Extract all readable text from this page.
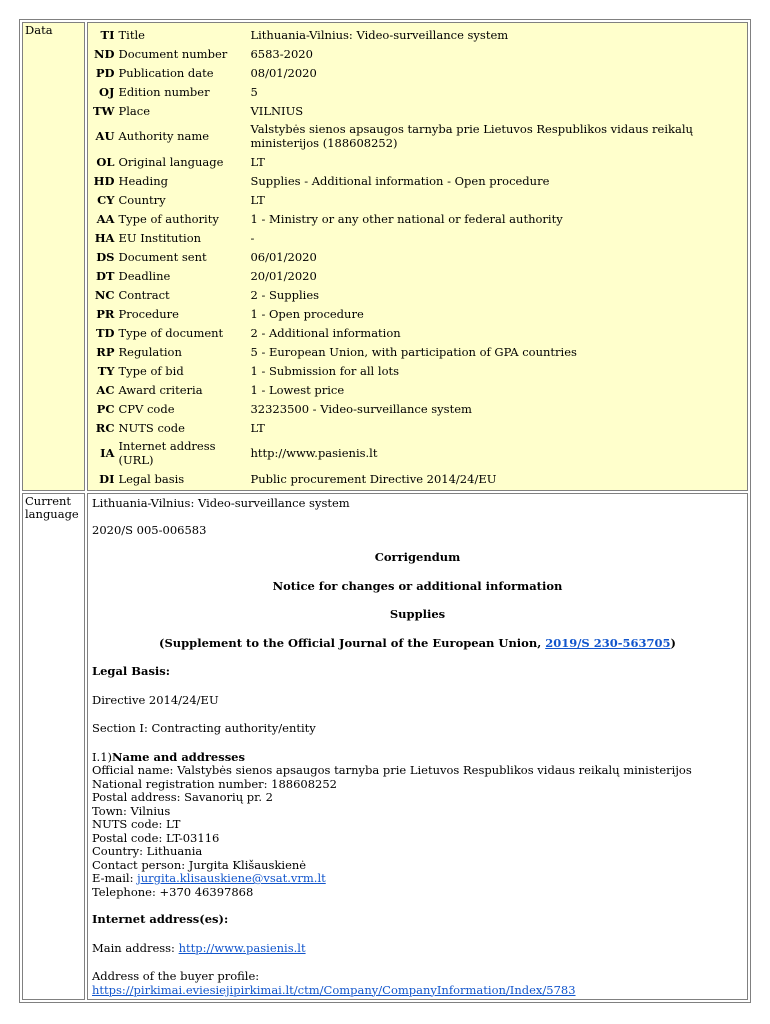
Data		TI	Title	Lithuania-Vilnius: Video-surveillance system
ND	Document number	6583-2020
PD	Publication date	08/01/2020
OJ	Edition number	5
TW	Place	VILNIUS
AU	Authority name	Valstybės sienos apsaugos tarnyba prie Lietuvos Respublikos vidaus reikalų ministerijos (188608252)
OL	Original language	LT
HD	Heading	Supplies - Additional information - Open procedure
CY	Country	LT
AA	Type of authority	1 - Ministry or any other national or federal authority
HA	EU Institution	-
DS	Document sent	06/01/2020
DT	Deadline	20/01/2020
NC	Contract	2 - Supplies
PR	Procedure	1 - Open procedure
TD	Type of document	2 - Additional information
RP	Regulation	5 - European Union, with participation of GPA countries
TY	Type of bid	1 - Submission for all lots
AC	Award criteria	1 - Lowest price
PC	CPV code	32323500 - Video-surveillance system
RC	NUTS code	LT
IA	Internet address (URL)	http://www.pasienis.lt
DI	Legal basis	Public procurement Directive 2014/24/EU

Current language	

Lithuania-Vilnius: Video-surveillance system

2020/S 005-006583

Corrigendum

Notice for changes or additional information

Supplies

(Supplement to the Official Journal of the European Union, 2019/S 230-563705)

Legal Basis:

Directive 2014/24/EU

Section I: Contracting authority/entity

I.1)Name and addresses

Official name: Valstybės sienos apsaugos tarnyba prie Lietuvos Respublikos vidaus reikalų ministerijos

National registration number: 188608252

Postal address: Savanorių pr. 2

Town: Vilnius

NUTS code: LT

Postal code: LT-03116

Country: Lithuania

Contact person: Jurgita Klišauskienė

E-mail: jurgita.klisauskiene@vsat.vrm.lt

Telephone: +370 46397868

Internet address(es):

Main address: http://www.pasienis.lt

Address of the buyer profile: https://pirkimai.eviesiejipirkimai.lt/ctm/Company/CompanyInformation/Index/5783
